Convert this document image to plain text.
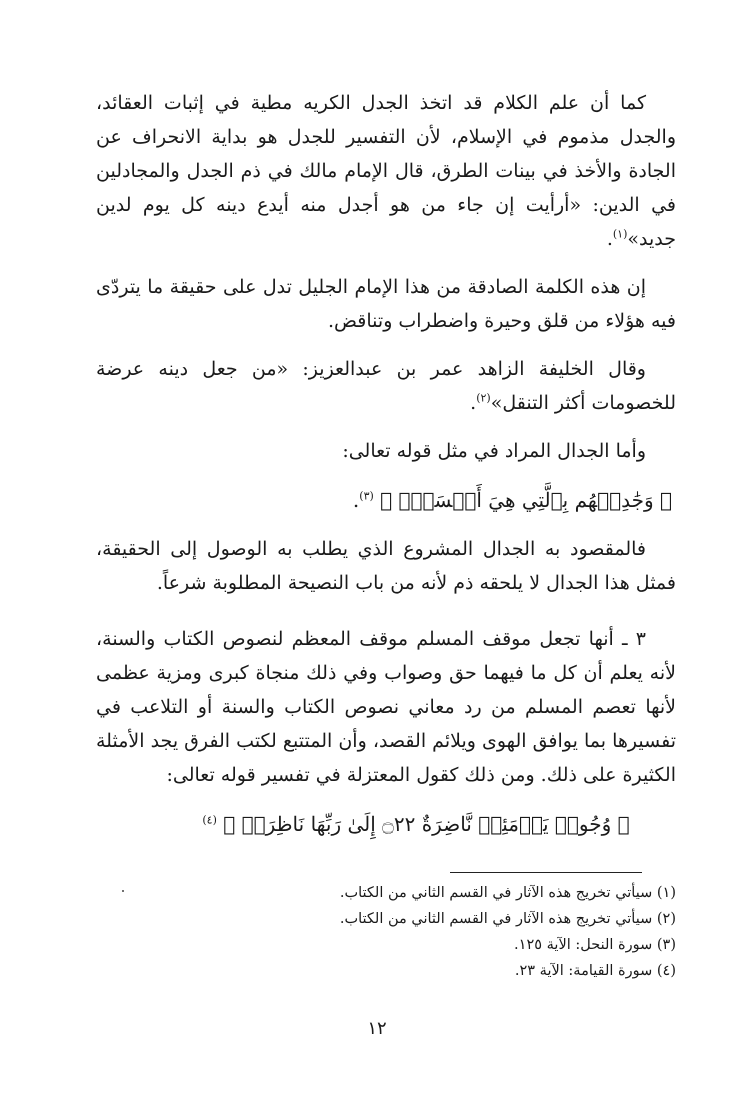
كما أن علم الكلام قد اتخذ الجدل الكريه مطية في إثبات العقائد، والجدل مذموم في الإسلام، لأن التفسير للجدل هو بداية الانحراف عن الجادة والأخذ في بينات الطرق، قال الإمام مالك في ذم الجدل والمجادلين في الدين: «أرأيت إن جاء من هو أجدل منه أيدع دينه كل يوم لدين جديد»$^{(١)}$.

إن هذه الكلمة الصادقة من هذا الإمام الجليل تدل على حقيقة ما يتردّى فيه هؤلاء من قلق وحيرة واضطراب وتناقض.

وقال الخليفة الزاهد عمر بن عبدالعزيز: «من جعل دينه عرضة للخصومات أكثر التنقل»$^{(٢)}$.

وأما الجدال المراد في مثل قوله تعالى:

﴿ وَجَٰدِلۡهُم بِٱلَّتِي هِيَ أَحۡسَنُۚ ﴾ $^{(٣)}$.

فالمقصود به الجدال المشروع الذي يطلب به الوصول إلى الحقيقة، فمثل هذا الجدال لا يلحقه ذم لأنه من باب النصيحة المطلوبة شرعاً.

٣ ـ أنها تجعل موقف المسلم موقف المعظم لنصوص الكتاب والسنة، لأنه يعلم أن كل ما فيهما حق وصواب وفي ذلك منجاة كبرى ومزية عظمى لأنها تعصم المسلم من رد معاني نصوص الكتاب والسنة أو التلاعب في تفسيرها بما يوافق الهوى ويلائم القصد، وأن المتتبع لكتب الفرق يجد الأمثلة الكثيرة على ذلك. ومن ذلك كقول المعتزلة في تفسير قوله تعالى:

﴿ وُجُوهٞ يَوۡمَئِذٖ نَّاضِرَةٌ ۝٢٢ إِلَىٰ رَبِّهَا نَاظِرَةٞ ﴾ $^{(٤)}$

(١) سيأتي تخريج هذه الآثار في القسم الثاني من الكتاب.

(٢) سيأتي تخريج هذه الآثار في القسم الثاني من الكتاب.

(٣) سورة النحل: الآية ١٢٥.

(٤) سورة القيامة: الآية ٢٣.

١٢
